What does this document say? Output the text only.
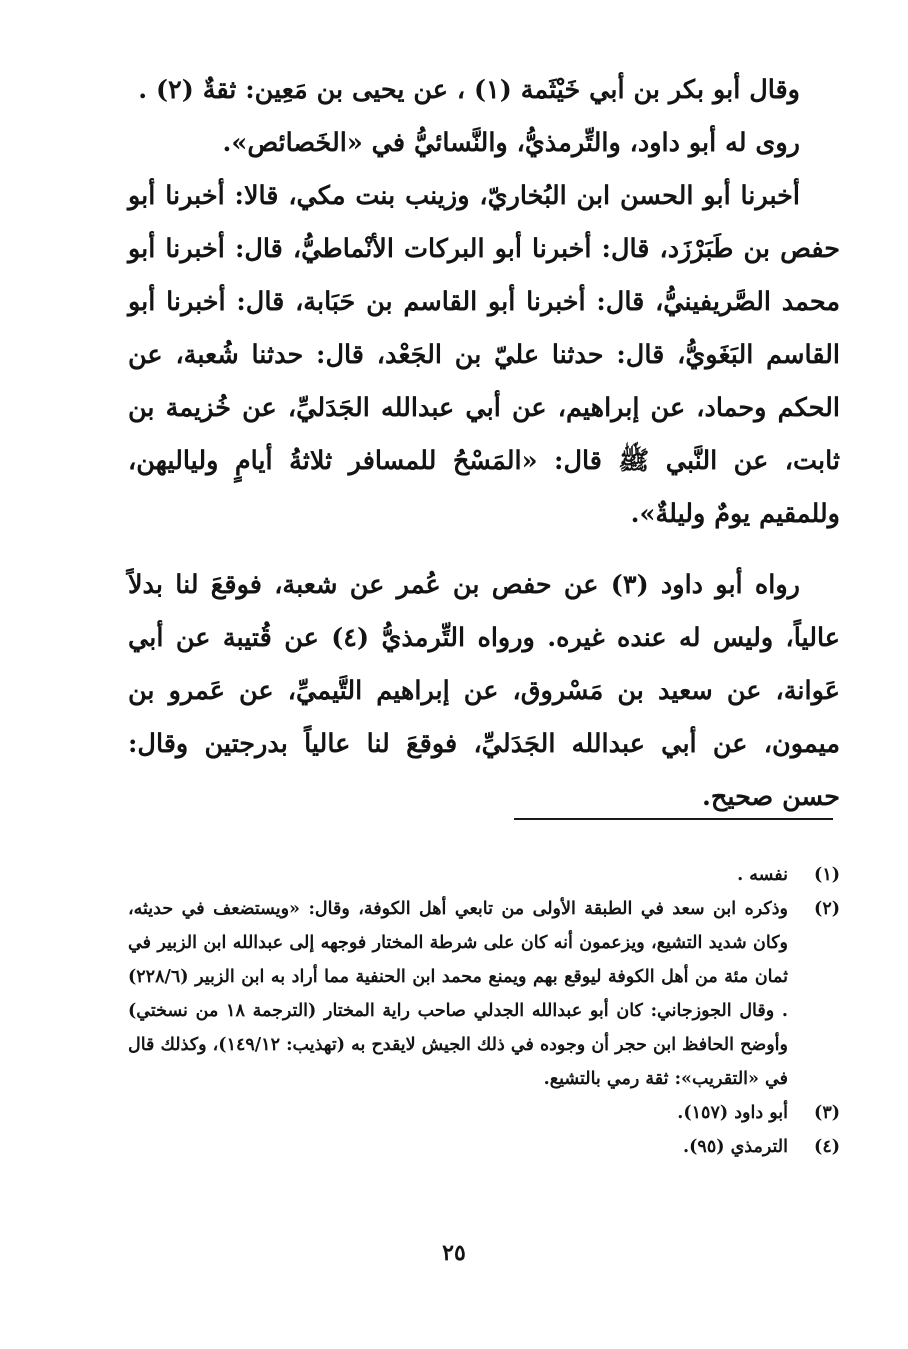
وقال أبو بكر بن أبي خَيْثَمة (١) ، عن يحيى بن مَعِين: ثقةٌ (٢) .

روى له أبو داود، والتِّرمذيُّ، والنَّسائيُّ في «الخَصائص».

أخبرنا أبو الحسن ابن البُخاريّ، وزينب بنت مكي، قالا: أخبرنا أبو حفص بن طَبَرْزَد، قال: أخبرنا أبو البركات الأنْماطيُّ، قال: أخبرنا أبو محمد الصَّريفينيُّ، قال: أخبرنا أبو القاسم بن حَبَابة، قال: أخبرنا أبو القاسم البَغَويُّ، قال: حدثنا عليّ بن الجَعْد، قال: حدثنا شُعبة، عن الحكم وحماد، عن إبراهيم، عن أبي عبدالله الجَدَليِّ، عن خُزيمة بن ثابت، عن النَّبي ﷺ قال: «المَسْحُ للمسافر ثلاثةُ أيامٍ ولياليهن، وللمقيم يومٌ وليلةٌ».

رواه أبو داود (٣) عن حفص بن عُمر عن شعبة، فوقعَ لنا بدلاً عالياً، وليس له عنده غيره. ورواه التِّرمذيُّ (٤) عن قُتيبة عن أبي عَوانة، عن سعيد بن مَسْروق، عن إبراهيم التَّيميِّ، عن عَمرو بن ميمون، عن أبي عبدالله الجَدَليِّ، فوقعَ لنا عالياً بدرجتين وقال: حسن صحيح.

(١)
نفسه .
(٢)
وذكره ابن سعد في الطبقة الأولى من تابعي أهل الكوفة، وقال: «ويستضعف في حديثه، وكان شديد التشيع، ويزعمون أنه كان على شرطة المختار فوجهه إلى عبدالله ابن الزبير في ثمان مئة من أهل الكوفة ليوقع بهم ويمنع محمد ابن الحنفية مما أراد به ابن الزبير (٢٢٨/٦) . وقال الجوزجاني: كان أبو عبدالله الجدلي صاحب راية المختار (الترجمة ١٨ من نسختي) وأوضح الحافظ ابن حجر أن وجوده في ذلك الجيش لايقدح به (تهذيب: ١٤٩/١٢)، وكذلك قال في «التقريب»: ثقة رمي بالتشيع.
(٣)
أبو داود (١٥٧).
(٤)
الترمذي (٩٥).
٢٥
